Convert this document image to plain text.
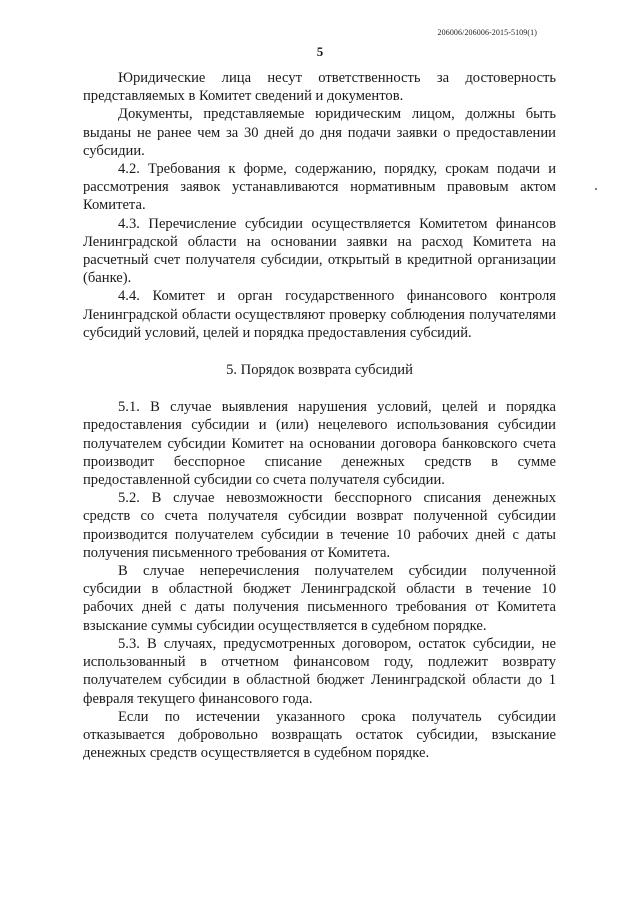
206006/206006-2015-5109(1)
5

Юридические лица несут ответственность за достоверность представляемых в Комитет сведений и документов.

Документы, представляемые юридическим лицом, должны быть выданы не ранее чем за 30 дней до дня подачи заявки о предоставлении субсидии.

4.2. Требования к форме, содержанию, порядку, срокам подачи и рассмотрения заявок устанавливаются нормативным правовым актом Комитета.

4.3. Перечисление субсидии осуществляется Комитетом финансов Ленинградской области на основании заявки на расход Комитета на расчетный счет получателя субсидии, открытый в кредитной организации (банке).

4.4. Комитет и орган государственного финансового контроля Ленинградской области осуществляют проверку соблюдения получателями субсидий условий, целей и порядка предоставления субсидий.

5. Порядок возврата субсидий

5.1. В случае выявления нарушения условий, целей и порядка предоставления субсидии и (или) нецелевого использования субсидии получателем субсидии Комитет на основании договора банковского счета производит бесспорное списание денежных средств в сумме предоставленной субсидии со счета получателя субсидии.

5.2. В случае невозможности бесспорного списания денежных средств со счета получателя субсидии возврат полученной субсидии производится получателем субсидии в течение 10 рабочих дней с даты получения письменного требования от Комитета.

В случае неперечисления получателем субсидии полученной субсидии в областной бюджет Ленинградской области в течение 10 рабочих дней с даты получения письменного требования от Комитета взыскание суммы субсидии осуществляется в судебном порядке.

5.3. В случаях, предусмотренных договором, остаток субсидии, не использованный в отчетном финансовом году, подлежит возврату получателем субсидии в областной бюджет Ленинградской области до 1 февраля текущего финансового года.

Если по истечении указанного срока получатель субсидии отказывается добровольно возвращать остаток субсидии, взыскание денежных средств осуществляется в судебном порядке.
